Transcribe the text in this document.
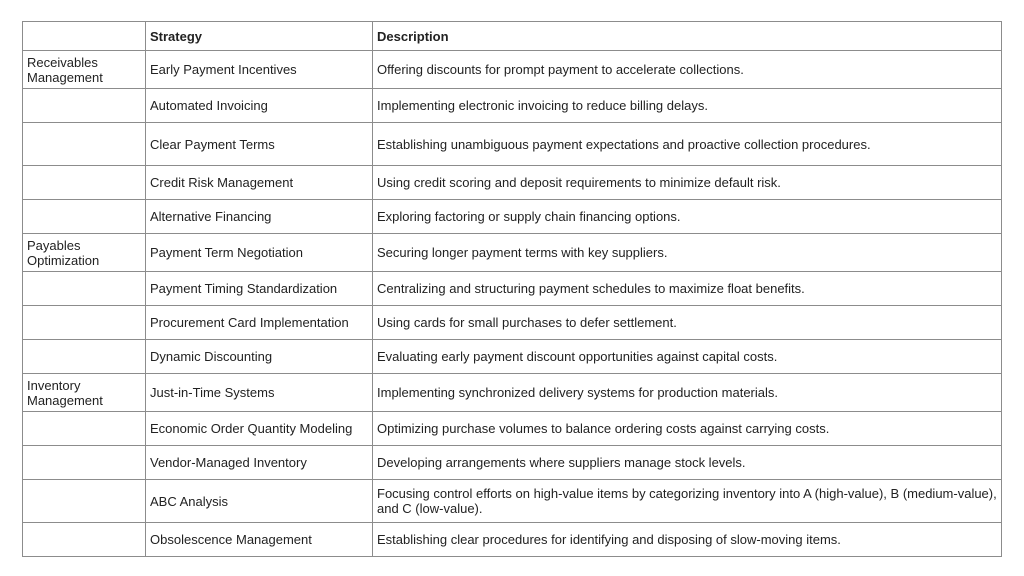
	Strategy	Description
Receivables Management	Early Payment Incentives	Offering discounts for prompt payment to accelerate collections.
	Automated Invoicing	Implementing electronic invoicing to reduce billing delays.
	Clear Payment Terms	Establishing unambiguous payment expectations and proactive collection procedures.
	Credit Risk Management	Using credit scoring and deposit requirements to minimize default risk.
	Alternative Financing	Exploring factoring or supply chain financing options.
Payables Optimization	Payment Term Negotiation	Securing longer payment terms with key suppliers.
	Payment Timing Standardization	Centralizing and structuring payment schedules to maximize float benefits.
	Procurement Card Implementation	Using cards for small purchases to defer settlement.
	Dynamic Discounting	Evaluating early payment discount opportunities against capital costs.
Inventory Management	Just-in-Time Systems	Implementing synchronized delivery systems for production materials.
	Economic Order Quantity Modeling	Optimizing purchase volumes to balance ordering costs against carrying costs.
	Vendor-Managed Inventory	Developing arrangements where suppliers manage stock levels.
	ABC Analysis	Focusing control efforts on high-value items by categorizing inventory into A (high-value), B (medium-value), and C (low-value).
	Obsolescence Management	Establishing clear procedures for identifying and disposing of slow-moving items.
